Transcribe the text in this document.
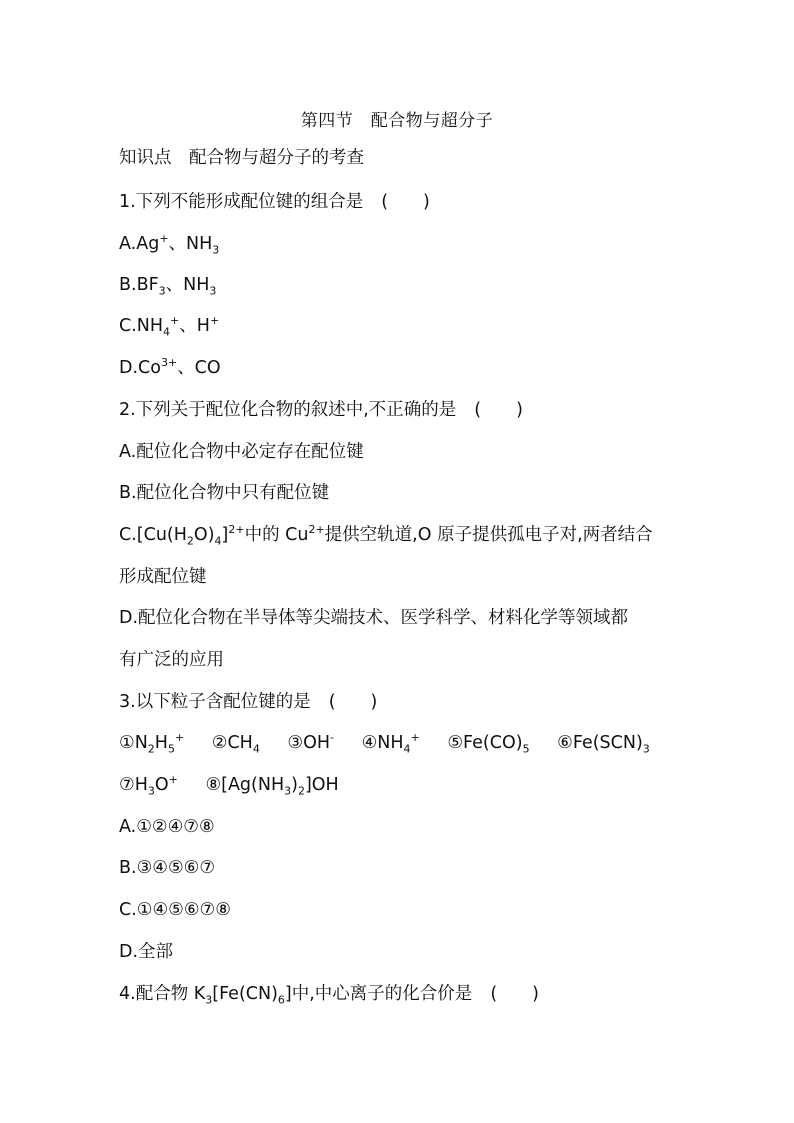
第四节　配合物与超分子
知识点　配合物与超分子的考查
1.下列不能形成配位键的组合是 (　　)
A.Ag+、$NH_3$
$B.BF_3$、$NH_3$
$C.NH_4^+$、H+
$D.Co^{3+}$、CO
2.下列关于配位化合物的叙述中,不正确的是 (　　)
A.配位化合物中必定存在配位键
B.配位化合物中只有配位键
$C.[Cu(H_2O)_4]^{2+}$中的 $Cu^{2+}$提供空轨道,O 原子提供孤电子对,两者结合
形成配位键
D.配位化合物在半导体等尖端技术、医学科学、材料化学等领域都
有广泛的应用
3.以下粒子含配位键的是 (　　)
$①N_2H_5^+$ $②CH_4$ ③OH- $④NH_4^+$ $⑤Fe(CO)_5$ $⑥Fe(SCN)_3$
$⑦H_3O^+$ $⑧[Ag(NH_3)_2]OH$
A.①②④⑦⑧
B.③④⑤⑥⑦
C.①④⑤⑥⑦⑧
D.全部
4.配合物 $K_3[Fe(CN)_6]$中,中心离子的化合价是 (　　)
